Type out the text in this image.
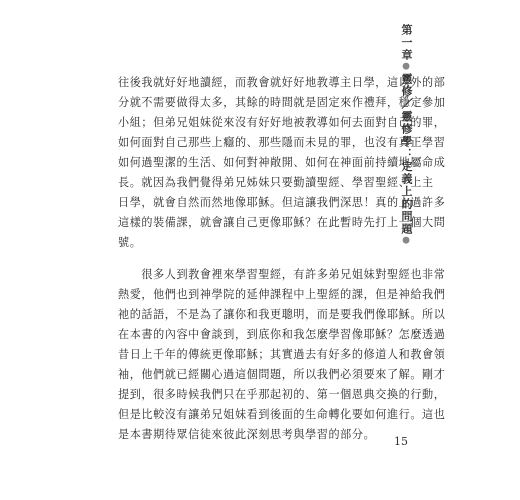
第一章●靈修／靈修學：定義上的問題●
往後我就好好地讀經，而教會就好好地教導主日學，這以外的部
分就不需要做得太多，其餘的時間就是固定來作禮拜，穩定參加
小組；但弟兄姐妹從來沒有好好地被教導如何去面對自己的罪，
如何面對自己那些上癮的、那些隱而未見的罪，也沒有真正學習
如何過聖潔的生活、如何對神敞開、如何在神面前持續地屬命成
長。就因為我們覺得弟兄姊妹只要勤讀聖經、學習聖經、上主
日學，就會自然而然地像耶穌。但這讓我們深思！真的上過許多
這樣的裝備課，就會讓自己更像耶穌？在此暫時先打上一個大問
號。
　　很多人到教會裡來學習聖經，有許多弟兄姐妹對聖經也非常
熱愛，他們也到神學院的延伸課程中上聖經的課，但是神給我們
祂的話語，不是為了讓你和我更聰明，而是要我們像耶穌。所以
在本書的內容中會談到，到底你和我怎麼學習像耶穌？怎麼透過
昔日上千年的傳統更像耶穌；其實過去有好多的修道人和教會領
袖，他們就已經關心過這個問題，所以我們必須要來了解。剛才
提到，很多時候我們只在乎那起初的、第一個恩典交換的行動，
但是比較沒有讓弟兄姐妹看到後面的生命轉化要如何進行。這也
是本書期待眾信徒來彼此深刻思考與學習的部分。
15
